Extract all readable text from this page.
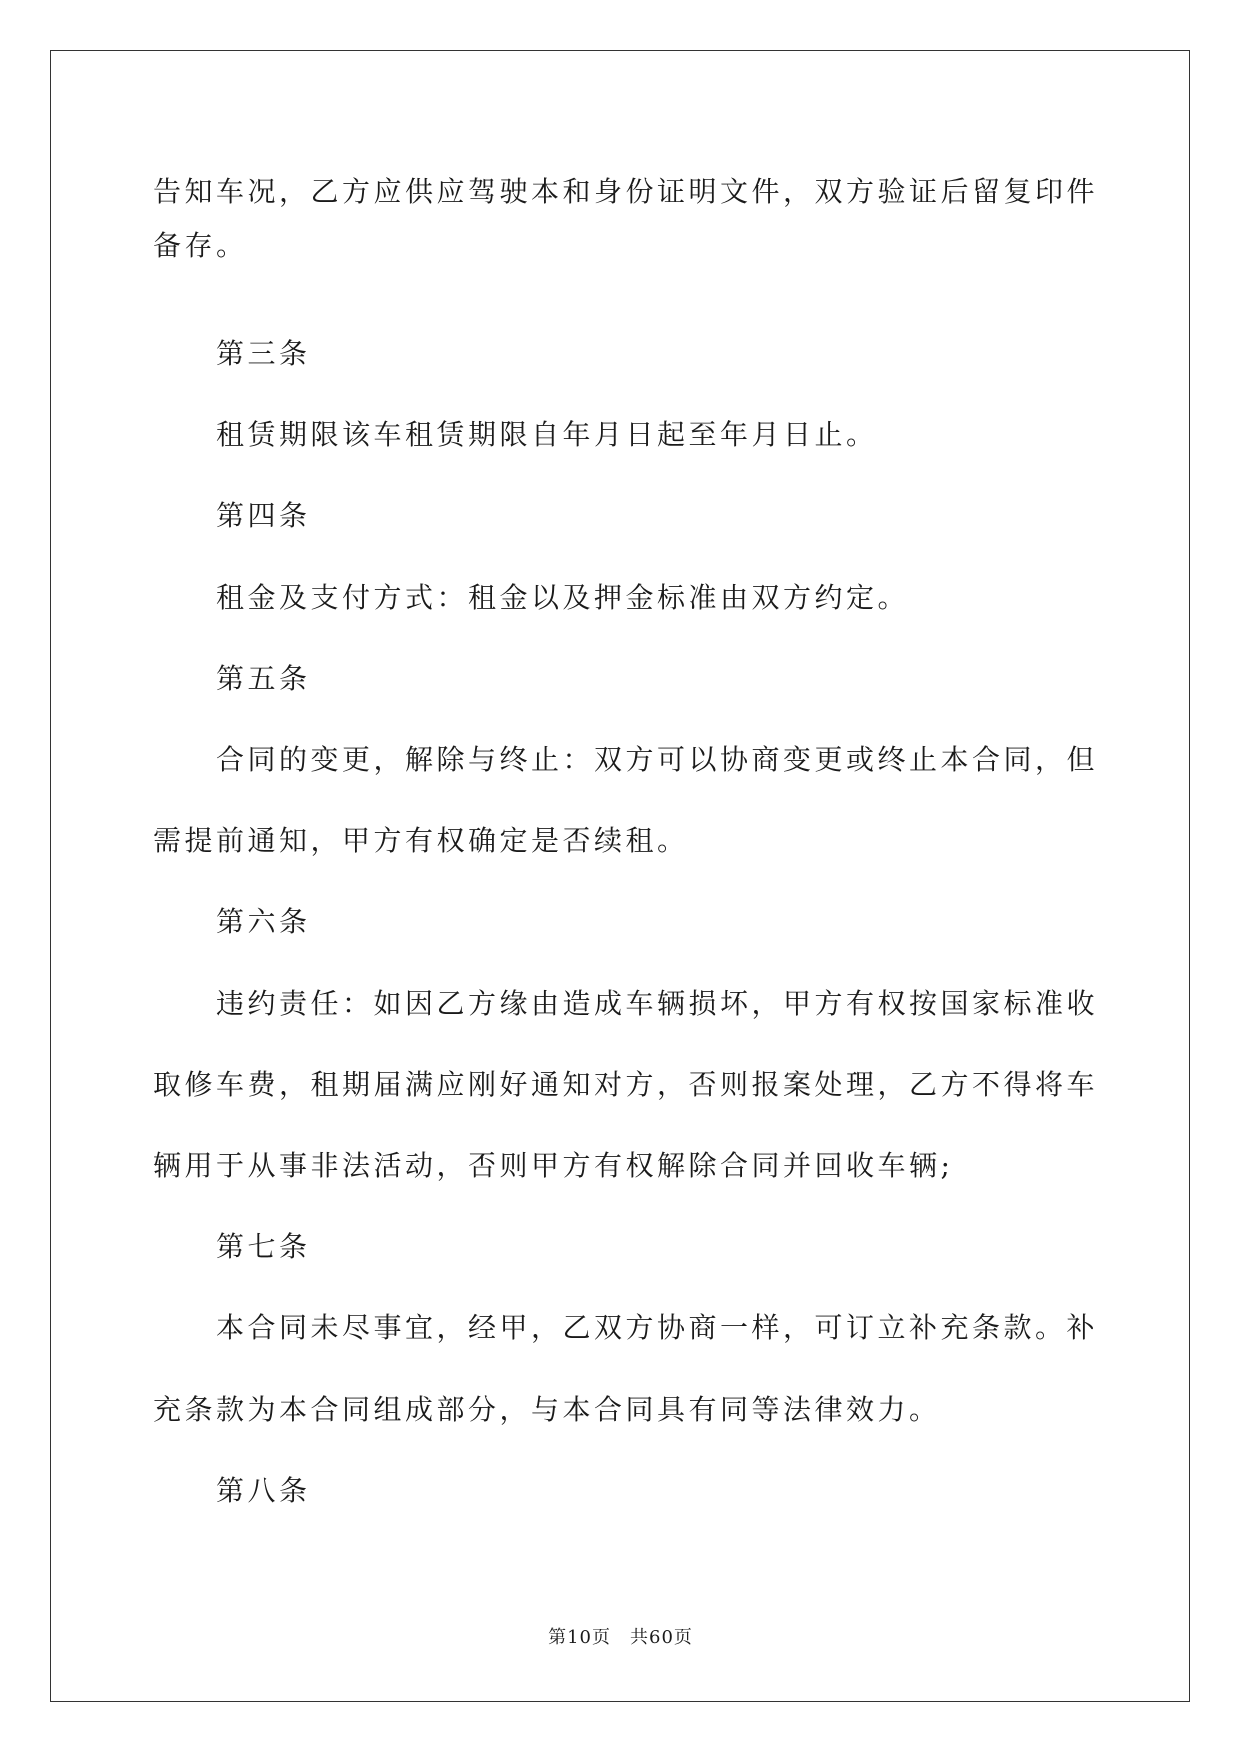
告知车况，乙方应供应驾驶本和身份证明文件，双方验证后留复印件
备存。
第三条
租赁期限该车租赁期限自年月日起至年月日止。
第四条
租金及支付方式：租金以及押金标准由双方约定。
第五条
合同的变更，解除与终止：双方可以协商变更或终止本合同，但
需提前通知，甲方有权确定是否续租。
第六条
违约责任：如因乙方缘由造成车辆损坏，甲方有权按国家标准收
取修车费，租期届满应刚好通知对方，否则报案处理，乙方不得将车
辆用于从事非法活动，否则甲方有权解除合同并回收车辆;
第七条
本合同未尽事宜，经甲，乙双方协商一样，可订立补充条款。补
充条款为本合同组成部分，与本合同具有同等法律效力。
第八条
第10页　共60页
